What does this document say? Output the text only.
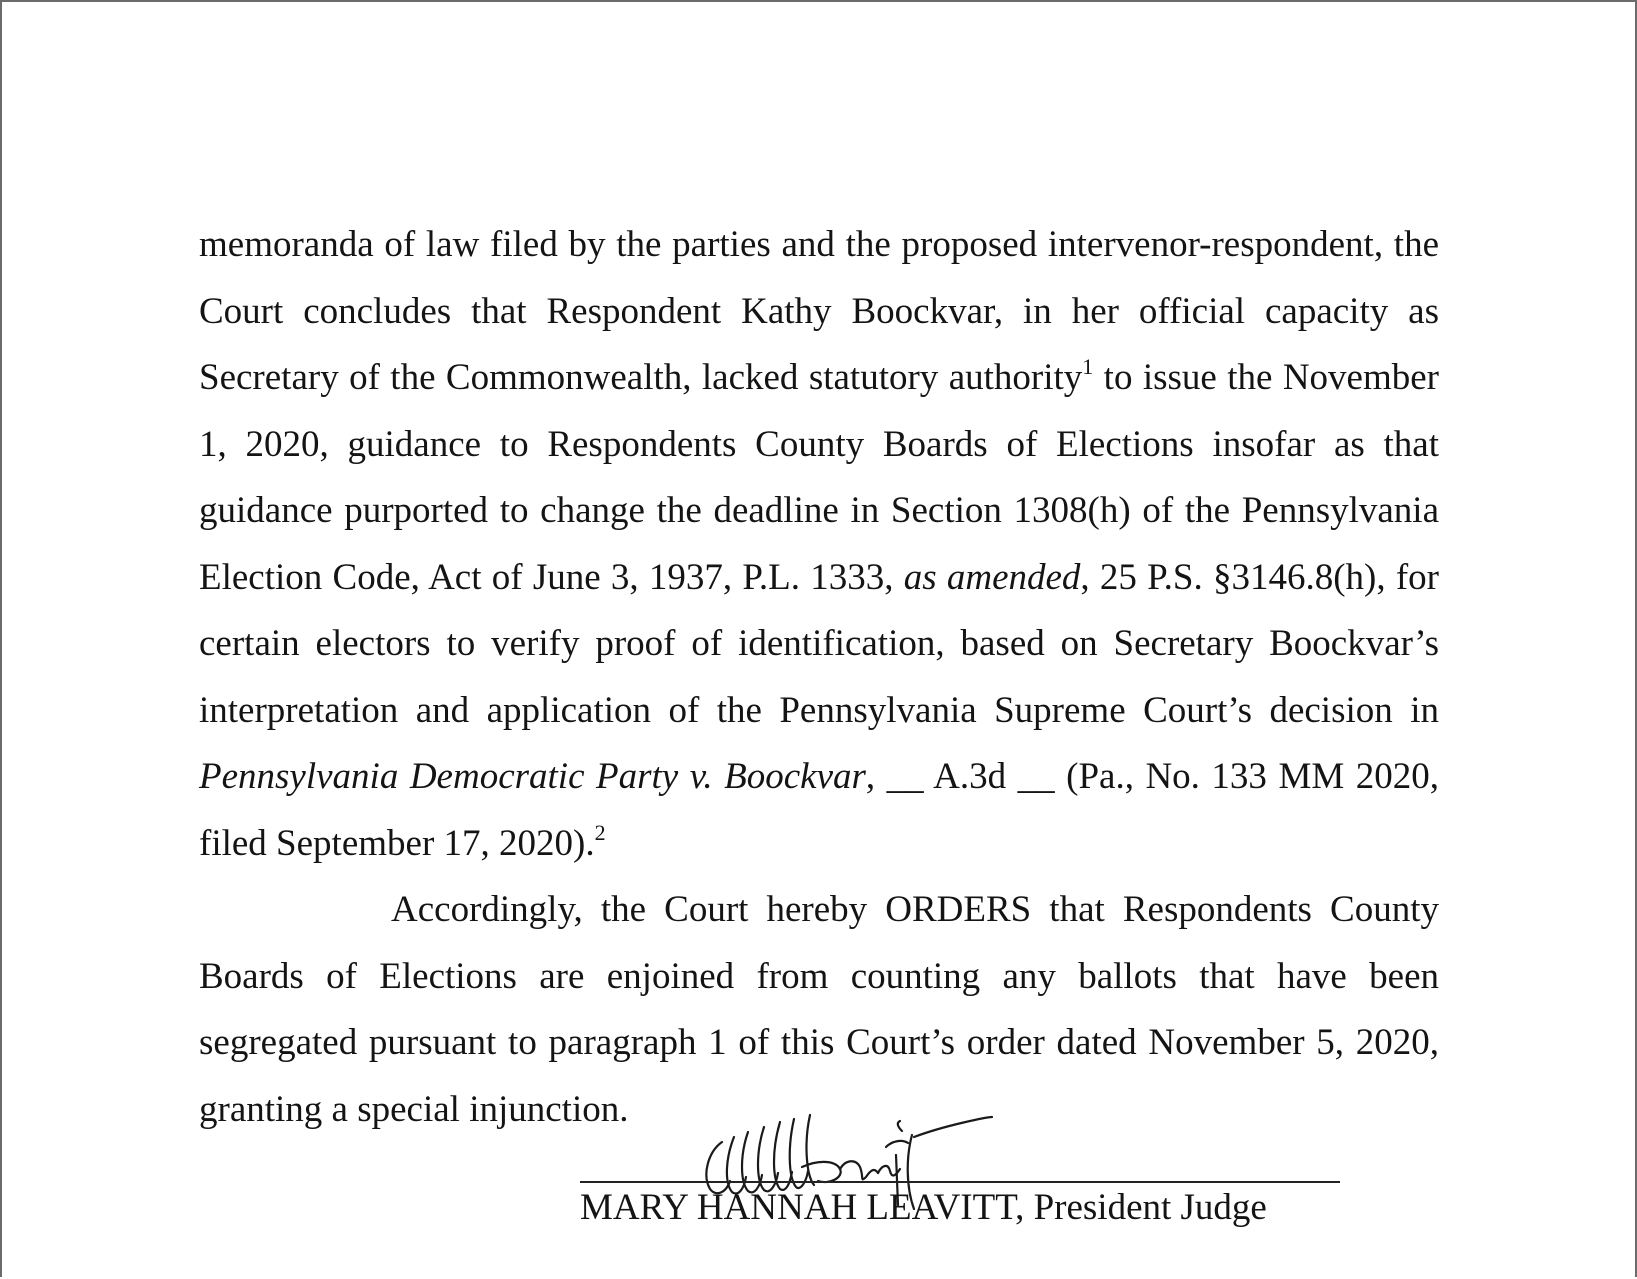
memoranda of law filed by the parties and the proposed intervenor-respondent, the Court concludes that Respondent Kathy Boockvar, in her official capacity as Secretary of the Commonwealth, lacked statutory authority$^1$ to issue the November 1, 2020, guidance to Respondents County Boards of Elections insofar as that guidance purported to change the deadline in Section 1308(h) of the Pennsylvania Election Code, Act of June 3, 1937, P.L. 1333, as amended, 25 P.S. §3146.8(h), for certain electors to verify proof of identification, based on Secretary Boockvar’s interpretation and application of the Pennsylvania Supreme Court’s decision in Pennsylvania Democratic Party v. Boockvar, __ A.3d __ (Pa., No. 133 MM 2020, filed September 17, 2020).$^2$

Accordingly, the Court hereby ORDERS that Respondents County Boards of Elections are enjoined from counting any ballots that have been segregated pursuant to paragraph 1 of this Court’s order dated November 5, 2020, granting a special injunction.

MARY HANNAH LEAVITT, President Judge
